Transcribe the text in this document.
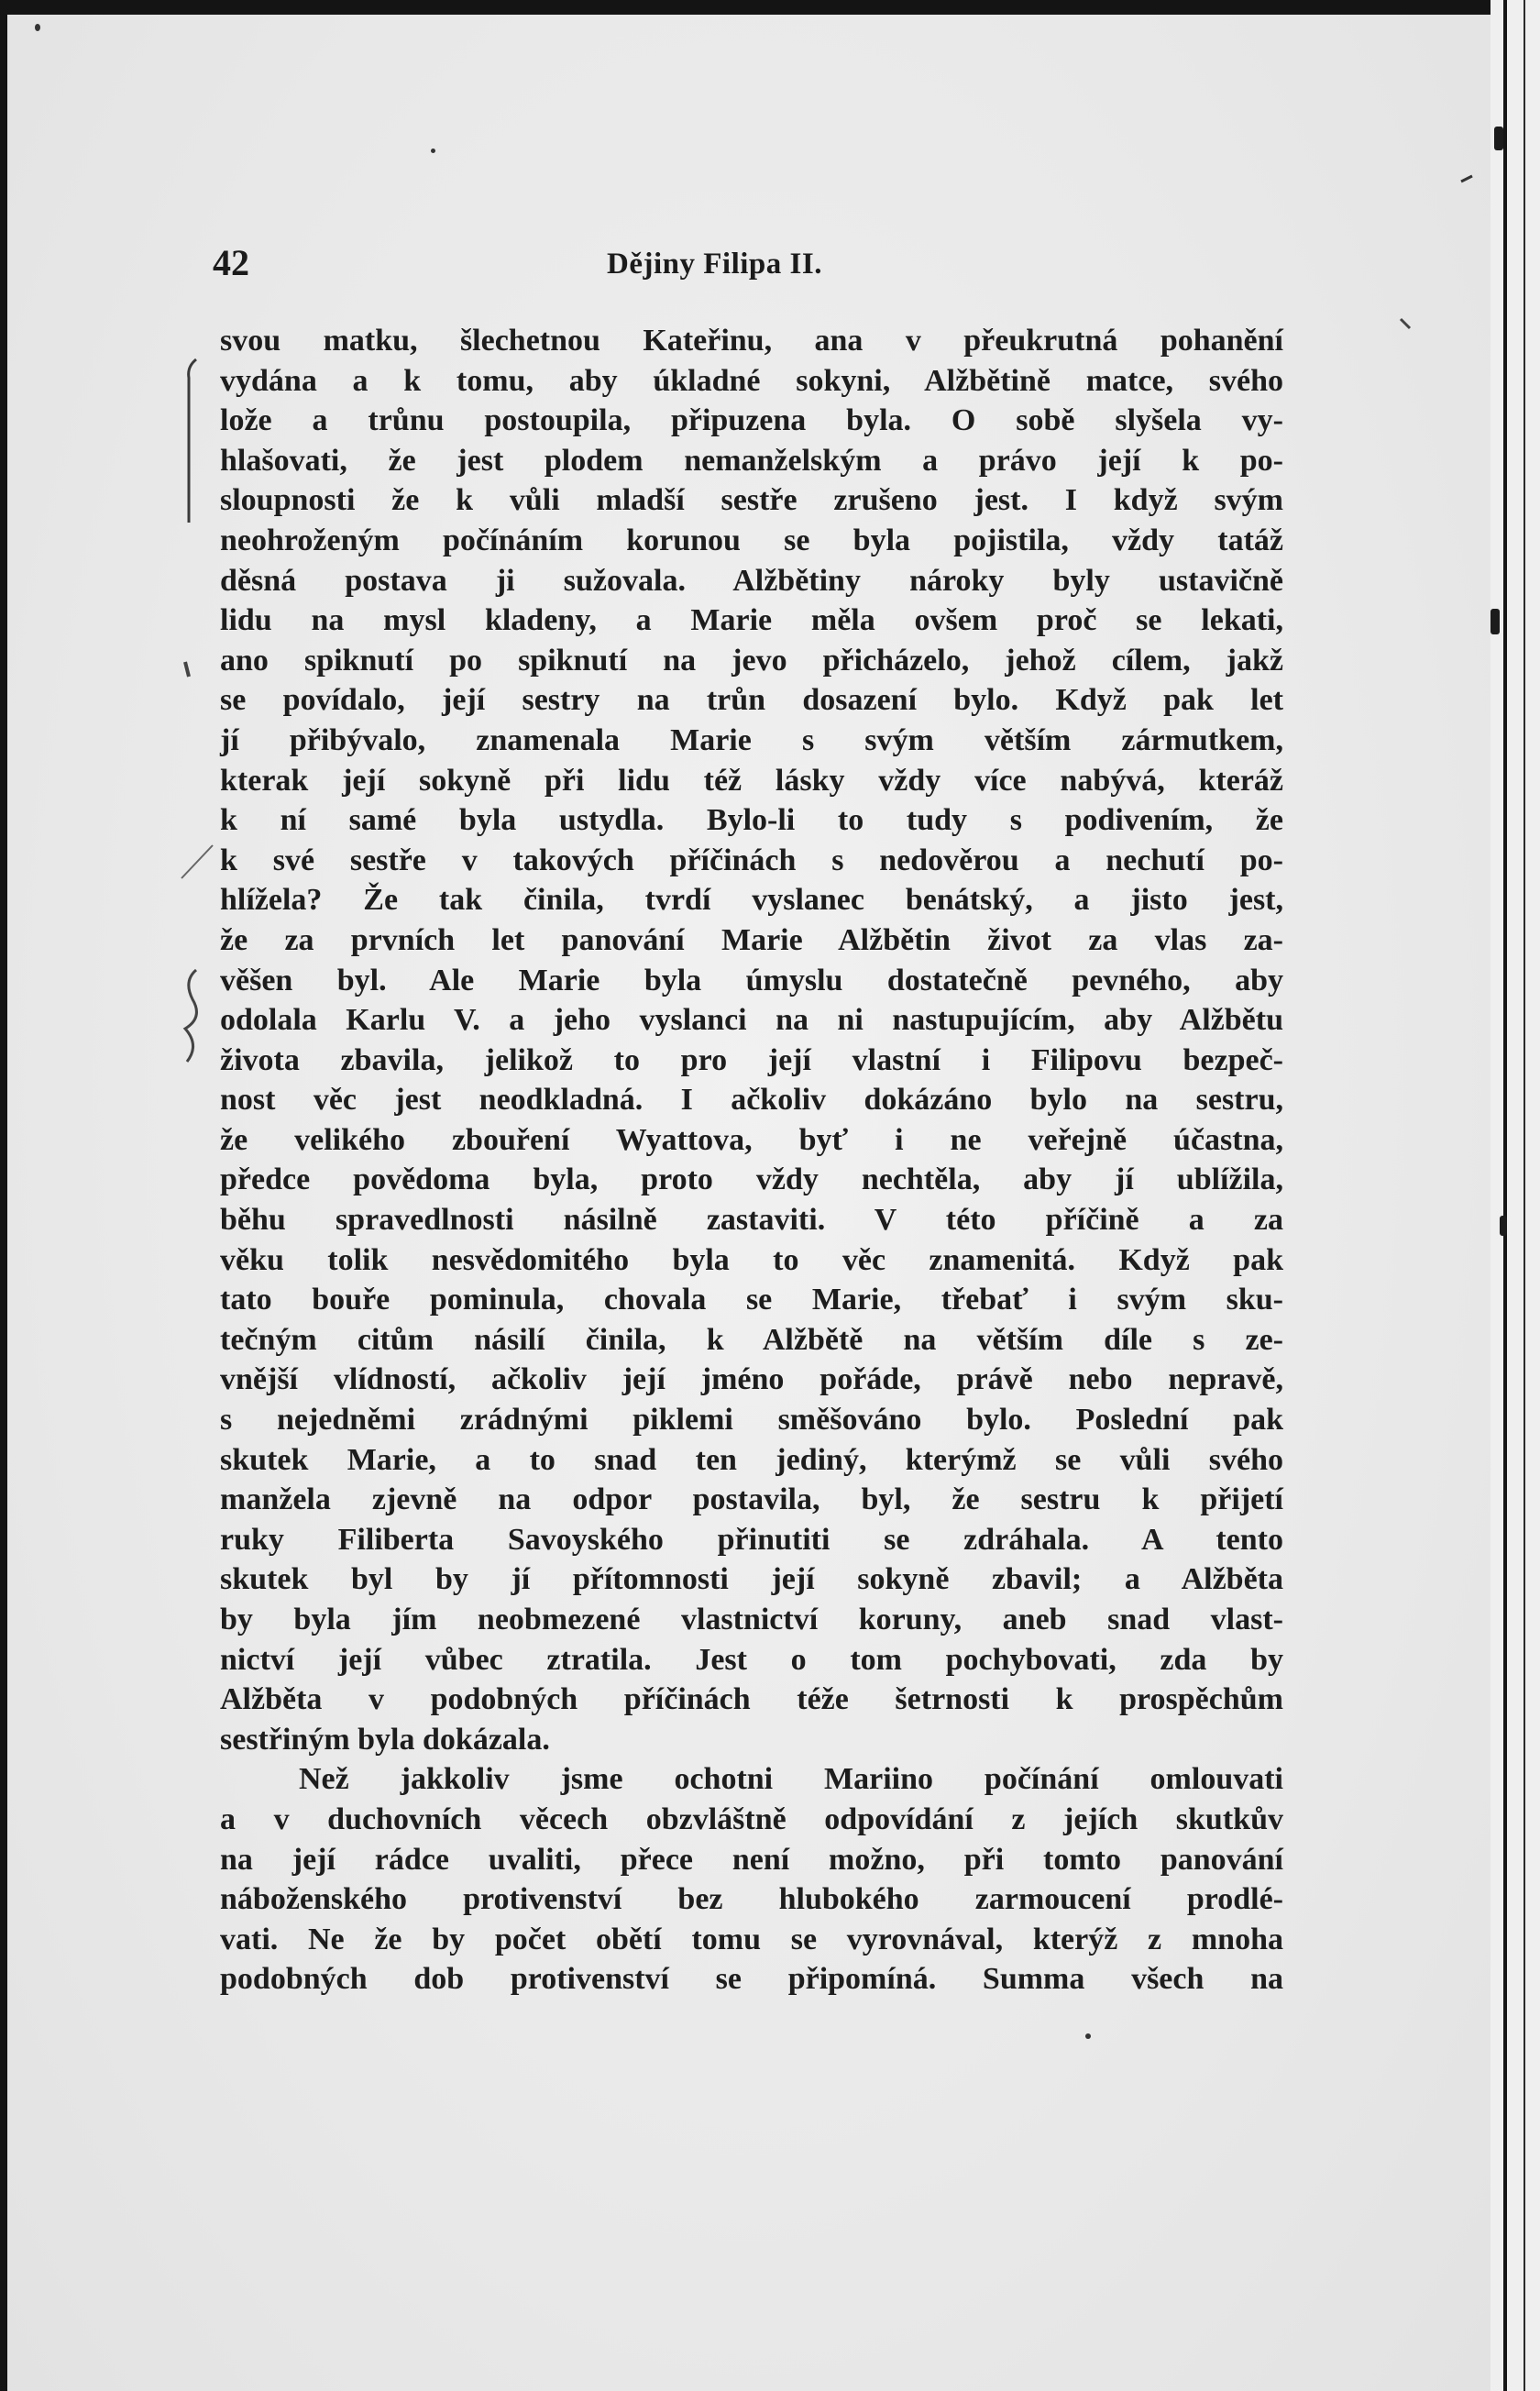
42	Dějiny Filipa II.
svou matku, šlechetnou Kateřinu, ana v přeukrutná pohanění
vydána a k tomu, aby úkladné sokyni, Alžbětině matce, svého
lože a trůnu postoupila, připuzena byla. O sobě slyšela vy-
hlašovati, že jest plodem nemanželským a právo její k po-
sloupnosti že k vůli mladší sestře zrušeno jest. I když svým
neohroženým počínáním korunou se byla pojistila, vždy tatáž
děsná postava ji sužovala. Alžbětiny nároky byly ustavičně
lidu na mysl kladeny, a Marie měla ovšem proč se lekati,
ano spiknutí po spiknutí na jevo přicházelo, jehož cílem, jakž
se povídalo, její sestry na trůn dosazení bylo. Když pak let
jí přibývalo, znamenala Marie s svým větším zármutkem,
kterak její sokyně při lidu též lásky vždy více nabývá, kteráž
k ní samé byla ustydla. Bylo-li to tudy s podivením, že
k své sestře v takových příčinách s nedověrou a nechutí po-
hlížela? Že tak činila, tvrdí vyslanec benátský, a jisto jest,
že za prvních let panování Marie Alžbětin život za vlas za-
věšen byl. Ale Marie byla úmyslu dostatečně pevného, aby
odolala Karlu V. a jeho vyslanci na ni nastupujícím, aby Alžbětu
života zbavila, jelikož to pro její vlastní i Filipovu bezpeč-
nost věc jest neodkladná. I ačkoliv dokázáno bylo na sestru,
že velikého zbouření Wyattova, byť i ne veřejně účastna,
předce povědoma byla, proto vždy nechtěla, aby jí ublížila,
běhu spravedlnosti násilně zastaviti. V této příčině a za
věku tolik nesvědomitého byla to věc znamenitá. Když pak
tato bouře pominula, chovala se Marie, třebať i svým sku-
tečným citům násilí činila, k Alžbětě na větším díle s ze-
vnější vlídností, ačkoliv její jméno pořáde, právě nebo nepravě,
s nejedněmi zrádnými piklemi směšováno bylo. Poslední pak
skutek Marie, a to snad ten jediný, kterýmž se vůli svého
manžela zjevně na odpor postavila, byl, že sestru k přijetí
ruky Filiberta Savoyského přinutiti se zdráhala. A tento
skutek byl by jí přítomnosti její sokyně zbavil; a Alžběta
by byla jím neobmezené vlastnictví koruny, aneb snad vlast-
nictví její vůbec ztratila. Jest o tom pochybovati, zda by
Alžběta v podobných příčinách téže šetrnosti k prospěchům
sestřiným byla dokázala.
Než jakkoliv jsme ochotni Mariino počínání omlouvati
a v duchovních věcech obzvláštně odpovídání z jejích skutkův
na její rádce uvaliti, přece není možno, při tomto panování
náboženského protivenství bez hlubokého zarmoucení prodlé-
vati. Ne že by počet obětí tomu se vyrovnával, kterýž z mnoha
podobných dob protivenství se připomíná. Summa všech na
